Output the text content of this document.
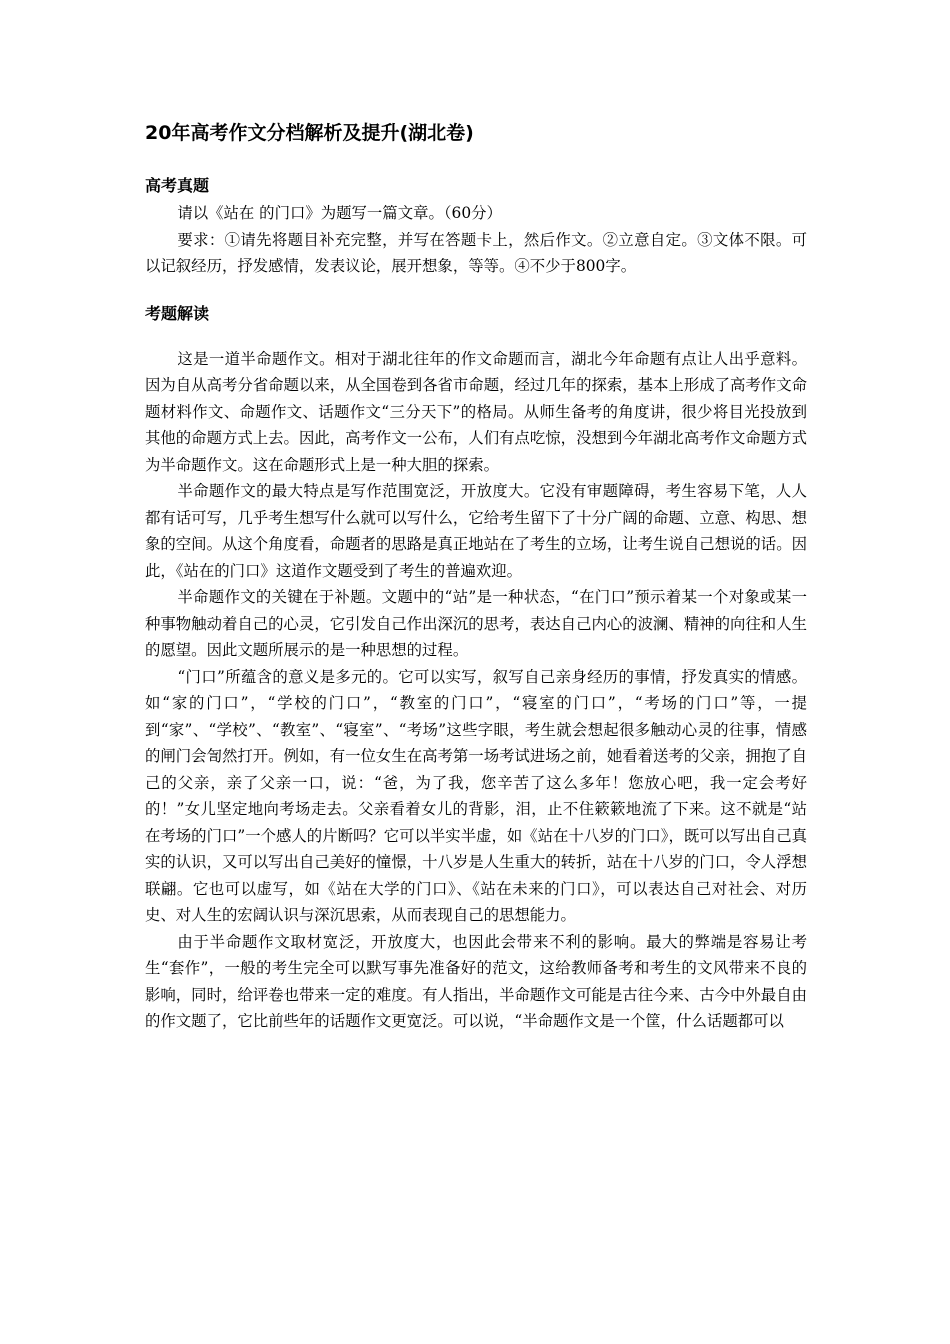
20年高考作文分档解析及提升(湖北卷)
高考真题

请以《站在 的门口》为题写一篇文章。（60分）

要求：①请先将题目补充完整，并写在答题卡上，然后作文。②立意自定。③文体不限。可以记叙经历，抒发感情，发表议论，展开想象，等等。④不少于800字。

考题解读

这是一道半命题作文。相对于湖北往年的作文命题而言，湖北今年命题有点让人出乎意料。因为自从高考分省命题以来，从全国卷到各省市命题，经过几年的探索，基本上形成了高考作文命题材料作文、命题作文、话题作文“三分天下”的格局。从师生备考的角度讲，很少将目光投放到其他的命题方式上去。因此，高考作文一公布，人们有点吃惊，没想到今年湖北高考作文命题方式为半命题作文。这在命题形式上是一种大胆的探索。

半命题作文的最大特点是写作范围宽泛，开放度大。它没有审题障碍，考生容易下笔，人人都有话可写，几乎考生想写什么就可以写什么，它给考生留下了十分广阔的命题、立意、构思、想象的空间。从这个角度看，命题者的思路是真正地站在了考生的立场，让考生说自己想说的话。因此，《站在的门口》这道作文题受到了考生的普遍欢迎。

半命题作文的关键在于补题。文题中的“站”是一种状态，“在门口”预示着某一个对象或某一种事物触动着自己的心灵，它引发自己作出深沉的思考，表达自己内心的波澜、精神的向往和人生的愿望。因此文题所展示的是一种思想的过程。

“门口”所蕴含的意义是多元的。它可以实写，叙写自己亲身经历的事情，抒发真实的情感。如“家的门口”，“学校的门口”，“教室的门口”，“寝室的门口”，“考场的门口”等，一提到“家”、“学校”、“教室”、“寝室”、“考场”这些字眼，考生就会想起很多触动心灵的往事，情感的闸门会訇然打开。例如，有一位女生在高考第一场考试进场之前，她看着送考的父亲，拥抱了自己的父亲，亲了父亲一口，说：“爸，为了我，您辛苦了这么多年！您放心吧，我一定会考好的！”女儿坚定地向考场走去。父亲看着女儿的背影，泪，止不住簌簌地流了下来。这不就是“站在考场的门口”一个感人的片断吗？它可以半实半虚，如《站在十八岁的门口》，既可以写出自己真实的认识，又可以写出自己美好的憧憬，十八岁是人生重大的转折，站在十八岁的门口，令人浮想联翩。它也可以虚写，如《站在大学的门口》、《站在未来的门口》，可以表达自己对社会、对历史、对人生的宏阔认识与深沉思索，从而表现自己的思想能力。

由于半命题作文取材宽泛，开放度大，也因此会带来不利的影响。最大的弊端是容易让考生“套作”，一般的考生完全可以默写事先准备好的范文，这给教师备考和考生的文风带来不良的影响，同时，给评卷也带来一定的难度。有人指出，半命题作文可能是古往今来、古今中外最自由的作文题了，它比前些年的话题作文更宽泛。可以说，“半命题作文是一个筐，什么话题都可以
